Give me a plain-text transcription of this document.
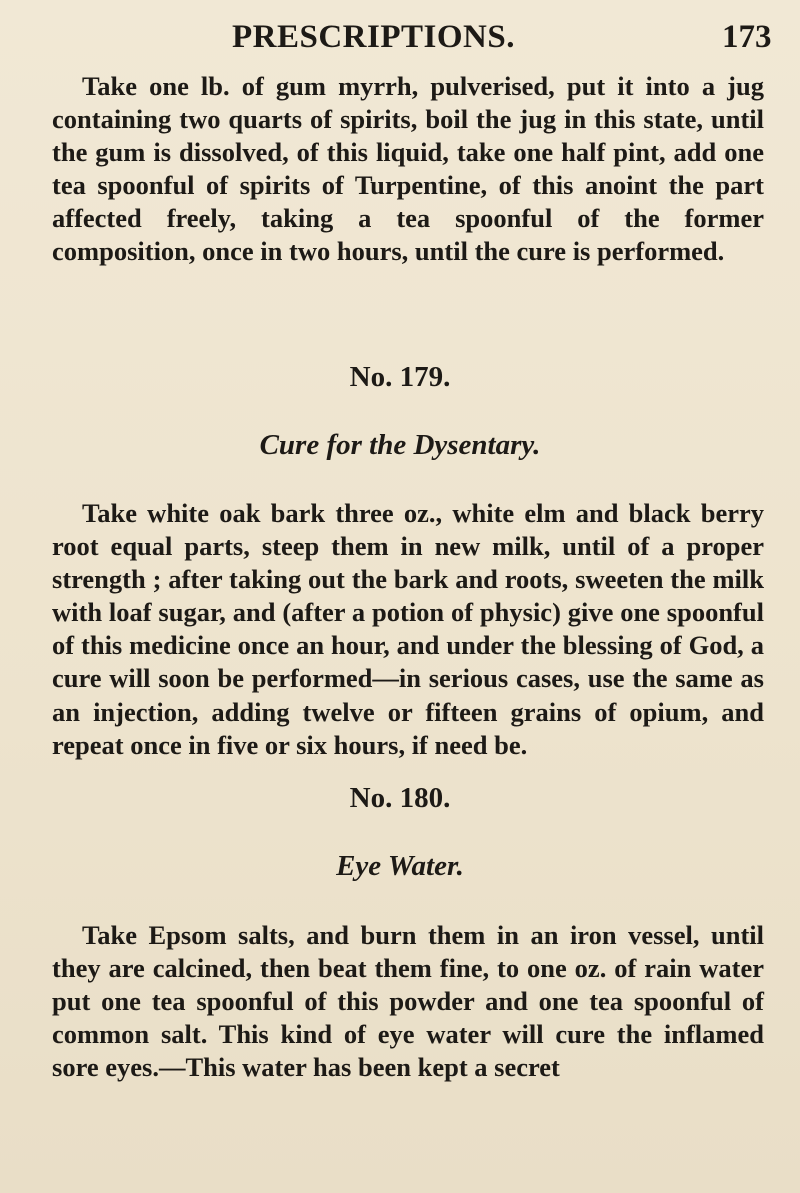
PRESCRIPTIONS.	173
Take one lb. of gum myrrh, pulverised, put it into a jug containing two quarts of spirits, boil the jug in this state, until the gum is dissolved, of this liquid, take one half pint, add one tea spoonful of spirits of Turpentine, of this anoint the part affected freely, taking a tea spoonful of the former composition, once in two hours, until the cure is performed.
No. 179.
Cure for the Dysentary.
Take white oak bark three oz., white elm and black berry root equal parts, steep them in new milk, until of a proper strength ; after taking out the bark and roots, sweeten the milk with loaf sugar, and (after a potion of physic) give one spoonful of this medicine once an hour, and under the blessing of God, a cure will soon be performed—in serious cases, use the same as an injection, adding twelve or fifteen grains of opium, and repeat once in five or six hours, if need be.
No. 180.
Eye Water.
Take Epsom salts, and burn them in an iron vessel, until they are calcined, then beat them fine, to one oz. of rain water put one tea spoonful of this powder and one tea spoonful of common salt. This kind of eye water will cure the inflamed sore eyes.—This water has been kept a secret
